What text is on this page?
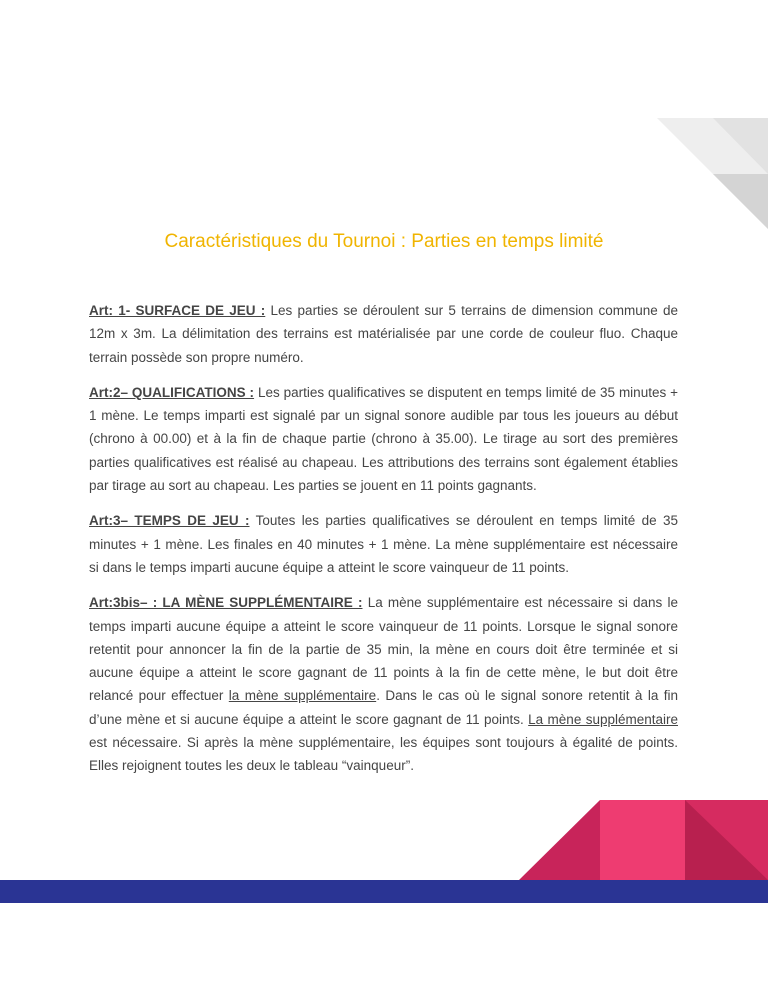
Caractéristiques du Tournoi : Parties en temps limité

Art: 1- SURFACE DE JEU : Les parties se déroulent sur 5 terrains de dimension commune de 12m x 3m. La délimitation des terrains est matérialisée par une corde de couleur fluo. Chaque terrain possède son propre numéro.

Art:2– QUALIFICATIONS : Les parties qualificatives se disputent en temps limité de 35 minutes + 1 mène. Le temps imparti est signalé par un signal sonore audible par tous les joueurs au début (chrono à 00.00) et à la fin de chaque partie (chrono à 35.00). Le tirage au sort des premières parties qualificatives est réalisé au chapeau. Les attributions des terrains sont également établies par tirage au sort au chapeau. Les parties se jouent en 11 points gagnants.

Art:3– TEMPS DE JEU : Toutes les parties qualificatives se déroulent en temps limité de 35 minutes + 1 mène. Les finales en 40 minutes + 1 mène. La mène supplémentaire est nécessaire si dans le temps imparti aucune équipe a atteint le score vainqueur de 11 points.

Art:3bis– : LA MÈNE SUPPLÉMENTAIRE : La mène supplémentaire est nécessaire si dans le temps imparti aucune équipe a atteint le score vainqueur de 11 points. Lorsque le signal sonore retentit pour annoncer la fin de la partie de 35 min, la mène en cours doit être terminée et si aucune équipe a atteint le score gagnant de 11 points à la fin de cette mène, le but doit être relancé pour effectuer la mène supplémentaire. Dans le cas où le signal sonore retentit à la fin d’une mène et si aucune équipe a atteint le score gagnant de 11 points. La mène supplémentaire est nécessaire. Si après la mène supplémentaire, les équipes sont toujours à égalité de points. Elles rejoignent toutes les deux le tableau “vainqueur”.
